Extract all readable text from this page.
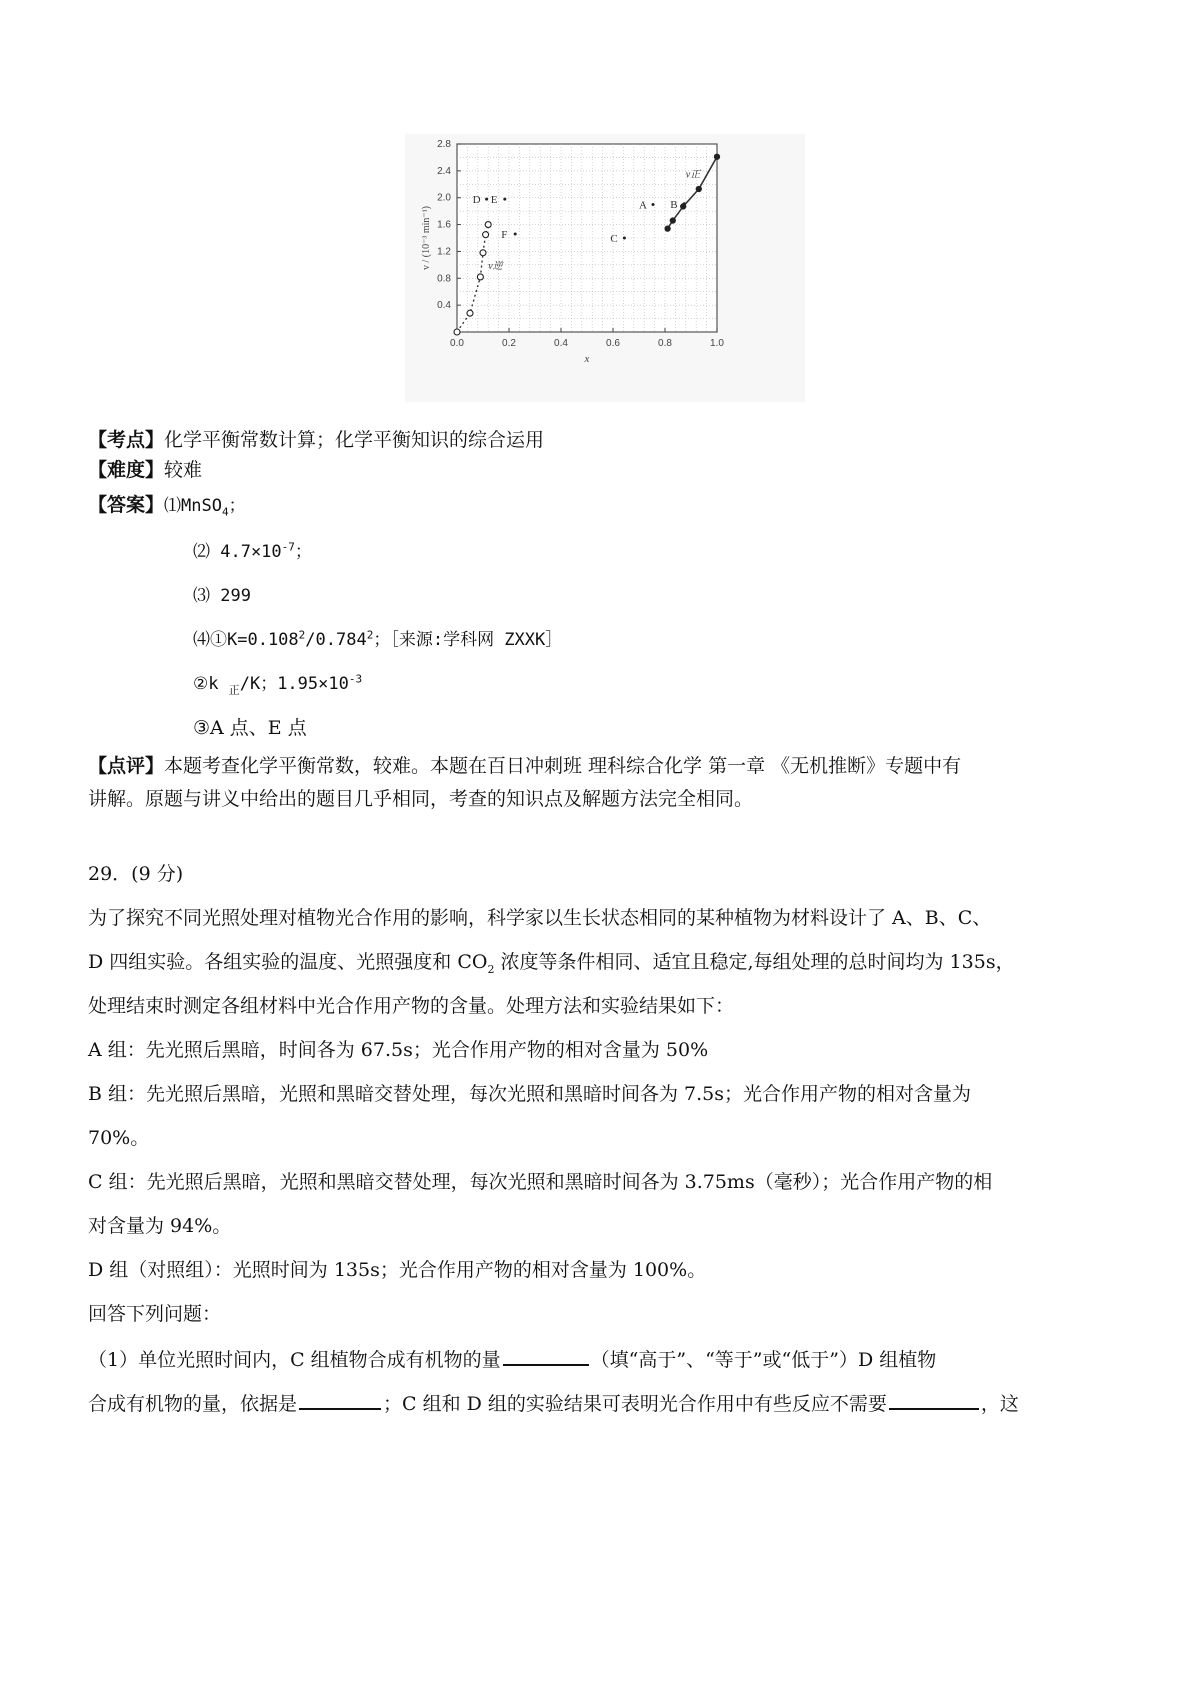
0.0	0.2	0.4	0.6	0.8	1.0
0.4
0.8
1.2
1.6
2.0
2.4
2.8
x
v / (10⁻³ min⁻¹)
D E
F
A B
C
v正
v逆
【考点】化学平衡常数计算；化学平衡知识的综合运用
【难度】较难
【答案】⑴MnSO$_4$；
⑵ $4.7\times 10^{-7}$；
⑶ 299
$⑷①K=0.108^2/0.784^2$；［来源:学科网 ZXXK］
②k $_正$/K；$1.95\times 10^{-3}$
③A 点、E 点
【点评】本题考查化学平衡常数，较难。本题在百日冲刺班 理科综合化学 第一章 《无机推断》专题中有
讲解。原题与讲义中给出的题目几乎相同，考查的知识点及解题方法完全相同。
29．(9 分)
为了探究不同光照处理对植物光合作用的影响，科学家以生长状态相同的某种植物为材料设计了 A、B、C、
D 四组实验。各组实验的温度、光照强度和 $CO_2$ 浓度等条件相同、适宜且稳定,每组处理的总时间均为 135s，
处理结束时测定各组材料中光合作用产物的含量。处理方法和实验结果如下：
A 组：先光照后黑暗，时间各为 67.5s；光合作用产物的相对含量为 50%
B 组：先光照后黑暗，光照和黑暗交替处理，每次光照和黑暗时间各为 7.5s；光合作用产物的相对含量为
70%。
C 组：先光照后黑暗，光照和黑暗交替处理，每次光照和黑暗时间各为 3.75ms（毫秒）；光合作用产物的相
对含量为 94%。
D 组（对照组）：光照时间为 135s；光合作用产物的相对含量为 100%。
回答下列问题：
（1）单位光照时间内，C 组植物合成有机物的量	（填“高于”、“等于”或“低于”）D 组植物
合成有机物的量，依据是	；C 组和 D 组的实验结果可表明光合作用中有些反应不需要	，这
